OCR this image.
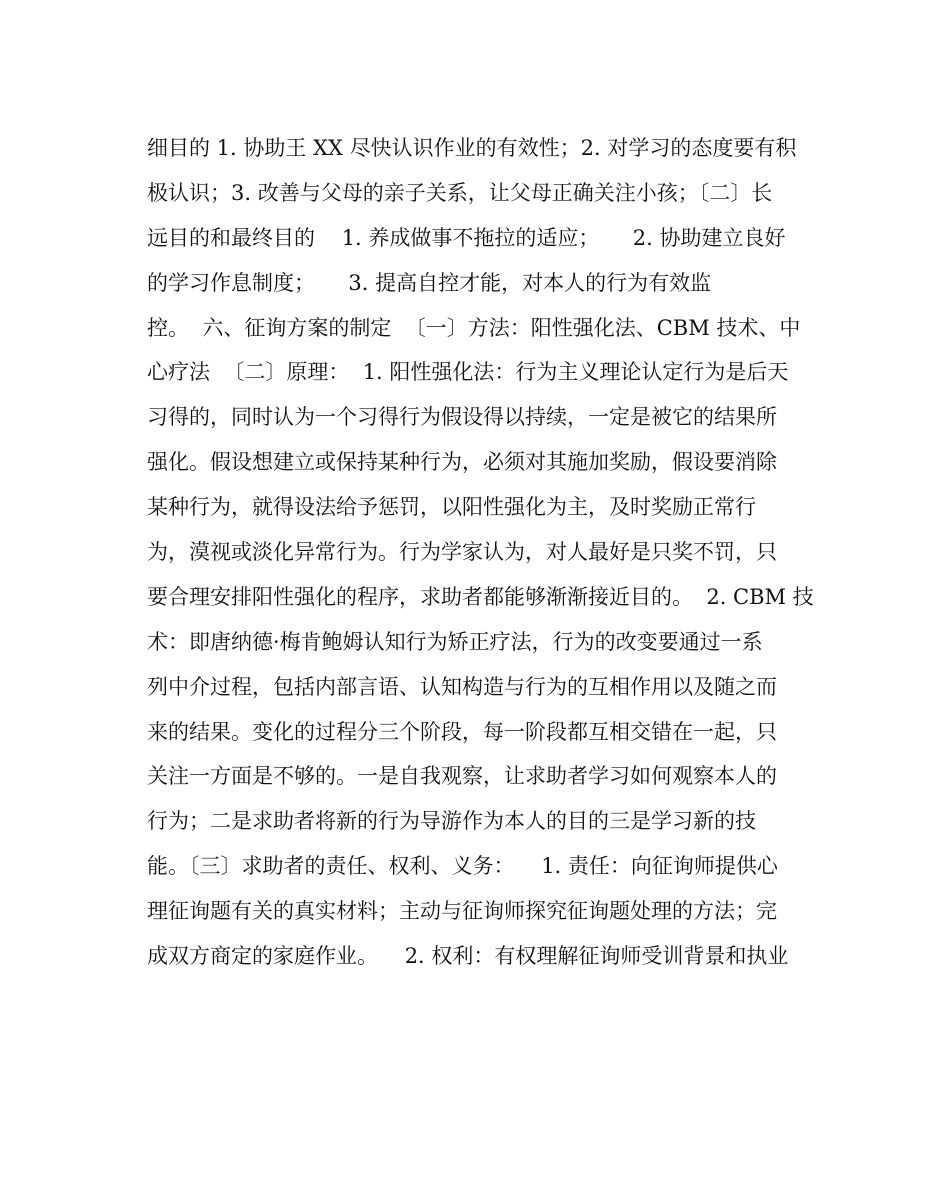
细目的 1. 协助王 XX 尽快认识作业的有效性；2. 对学习的态度要有积
极认识；3. 改善与父母的亲子关系，让父母正确关注小孩；〔二〕长
远目的和最终目的    1. 养成做事不拖拉的适应；     2. 协助建立良好
的学习作息制度；     3. 提高自控才能，对本人的行为有效监
控。  六、征询方案的制定  〔一〕方法：阳性强化法、CBM 技术、中
心疗法  〔二〕原理：  1. 阳性强化法：行为主义理论认定行为是后天
习得的，同时认为一个习得行为假设得以持续，一定是被它的结果所
强化。假设想建立或保持某种行为，必须对其施加奖励，假设要消除
某种行为，就得设法给予惩罚，以阳性强化为主，及时奖励正常行
为，漠视或淡化异常行为。行为学家认为，对人最好是只奖不罚，只
要合理安排阳性强化的程序，求助者都能够渐渐接近目的。  2. CBM 技
术：即唐纳德·梅肯鲍姆认知行为矫正疗法，行为的改变要通过一系
列中介过程，包括内部言语、认知构造与行为的互相作用以及随之而
来的结果。变化的过程分三个阶段，每一阶段都互相交错在一起，只
关注一方面是不够的。一是自我观察，让求助者学习如何观察本人的
行为；二是求助者将新的行为导游作为本人的目的三是学习新的技
能。〔三〕求助者的责任、权利、义务：    1. 责任：向征询师提供心
理征询题有关的真实材料；主动与征询师探究征询题处理的方法；完
成双方商定的家庭作业。    2. 权利：有权理解征询师受训背景和执业
